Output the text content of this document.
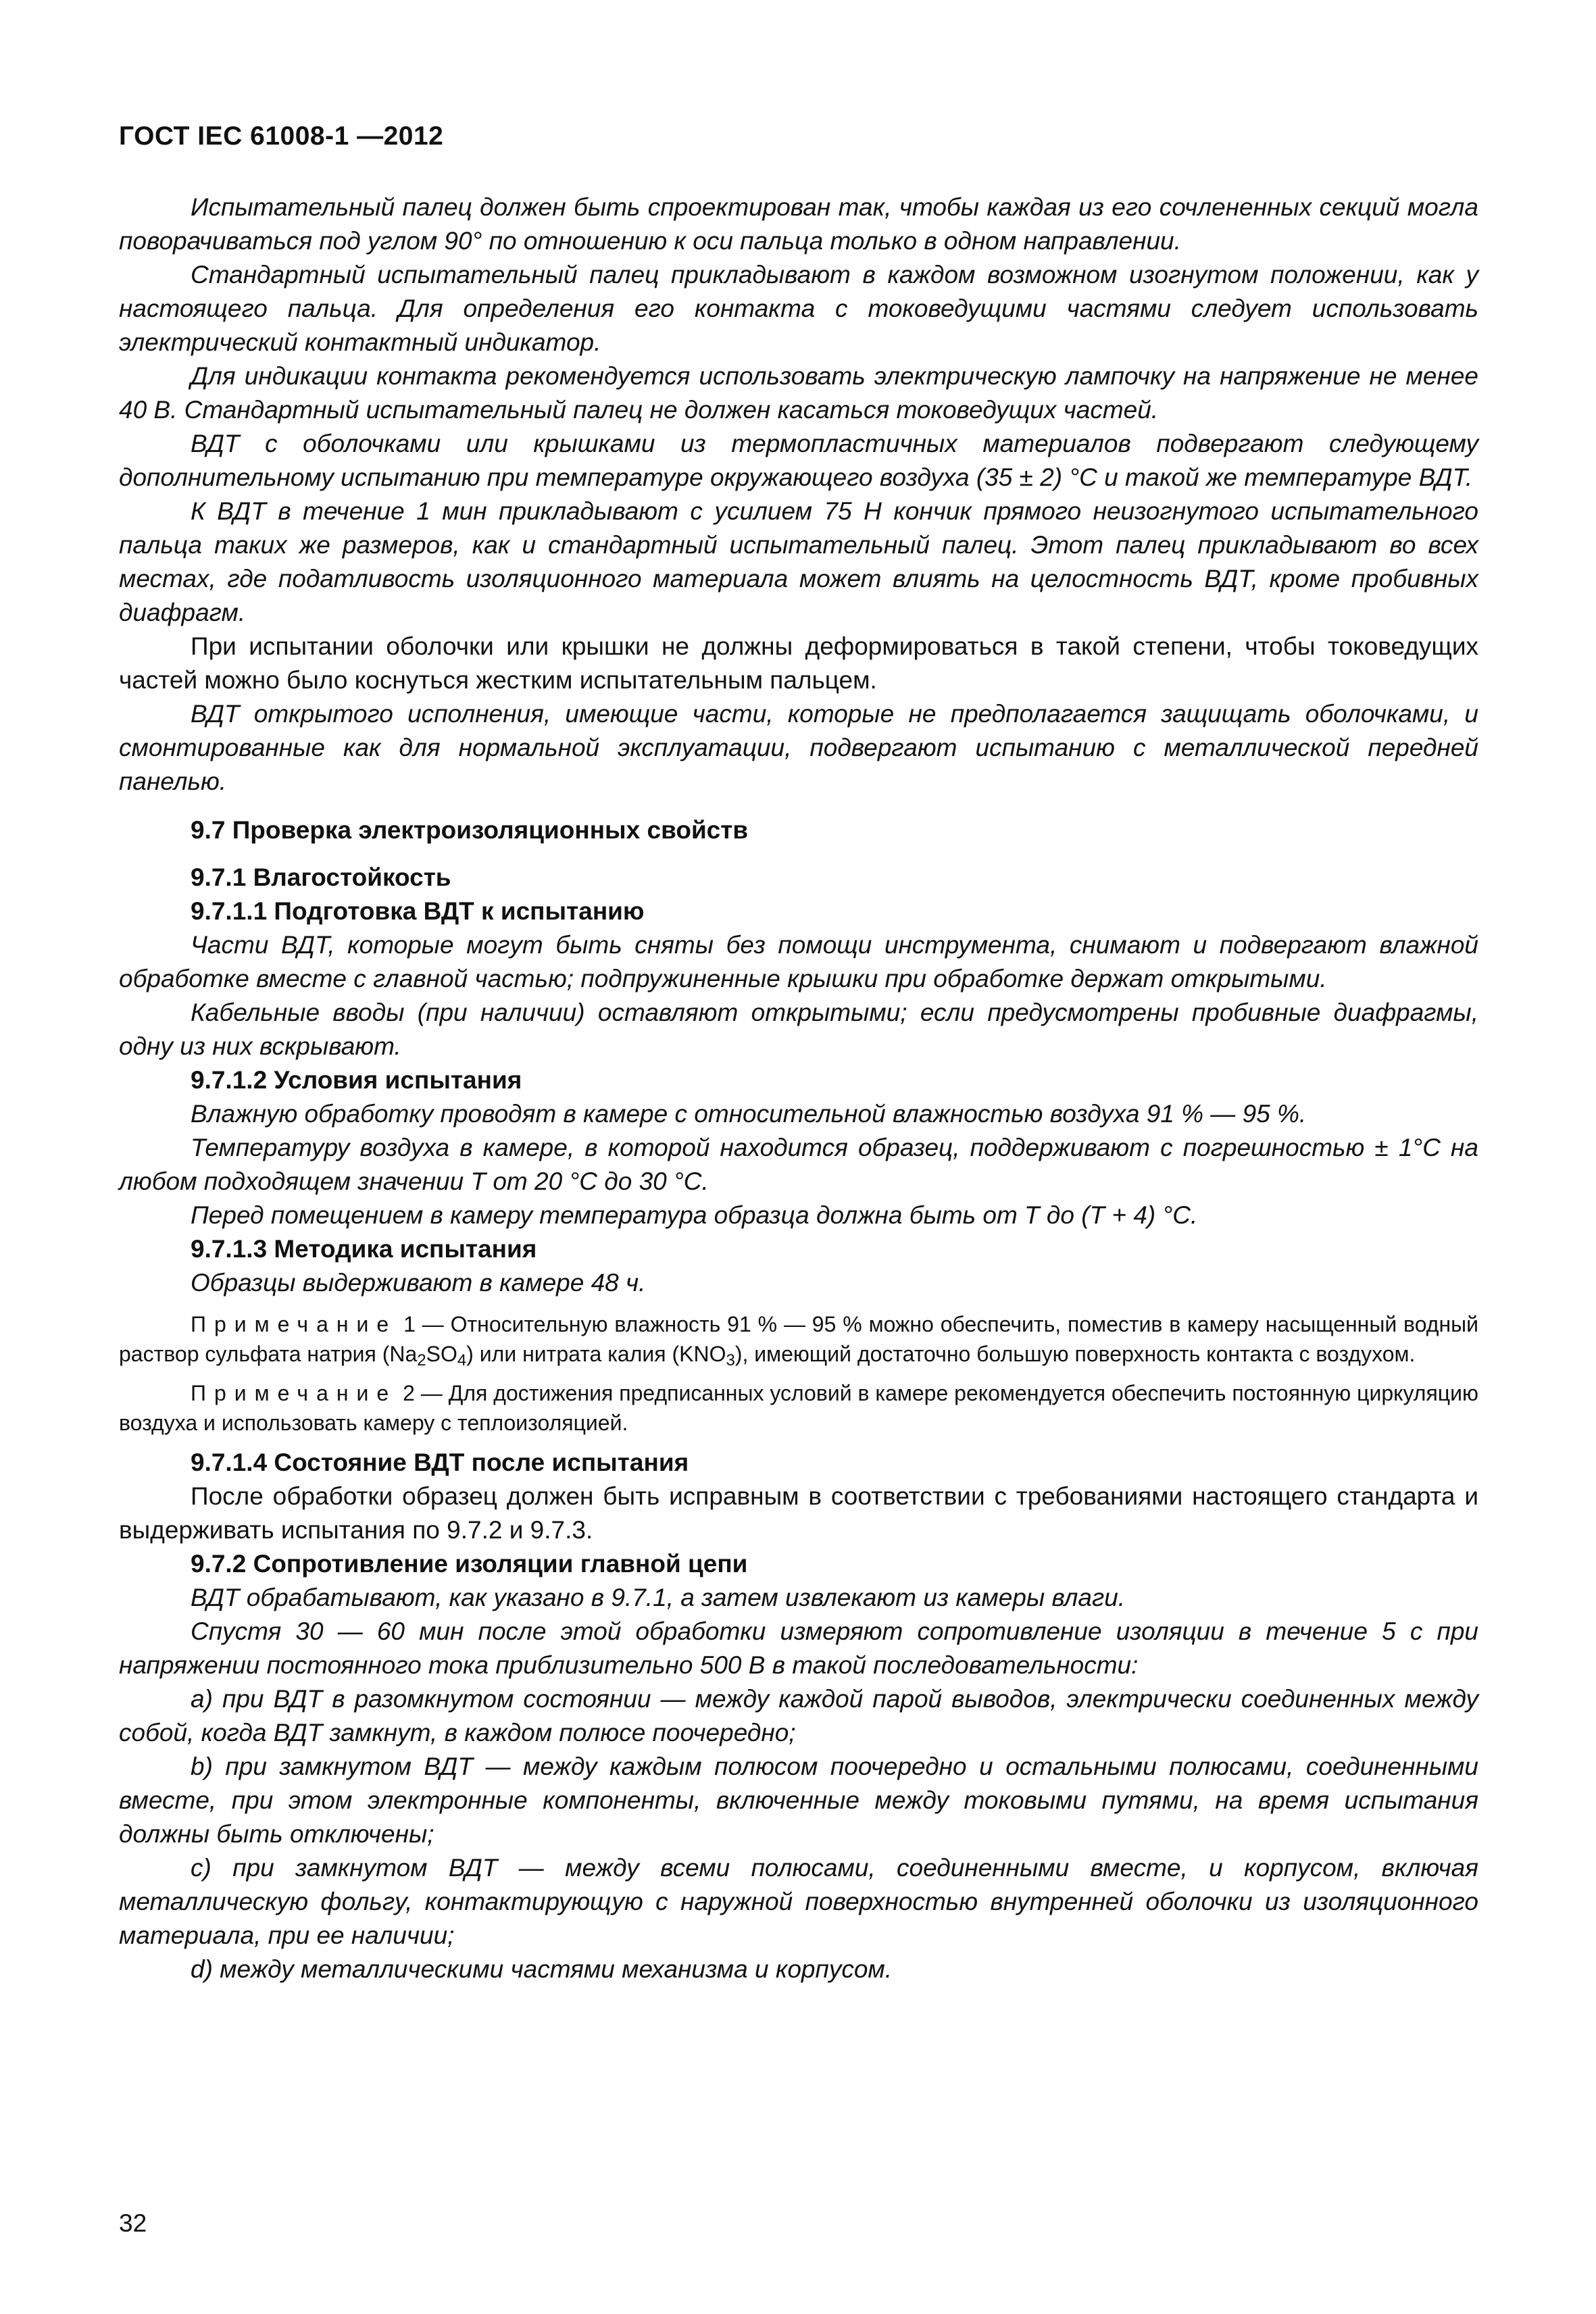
ГОСТ IEC 61008-1 —2012

Испытательный палец должен быть спроектирован так, чтобы каждая из его сочлененных секций могла поворачиваться под углом 90° по отношению к оси пальца только в одном направлении.

Стандартный испытательный палец прикладывают в каждом возможном изогнутом положении, как у настоящего пальца. Для определения его контакта с токоведущими частями следует использовать электрический контактный индикатор.

Для индикации контакта рекомендуется использовать электрическую лампочку на напряжение не менее 40 В. Стандартный испытательный палец не должен касаться токоведущих частей.

ВДТ с оболочками или крышками из термопластичных материалов подвергают следующему дополнительному испытанию при температуре окружающего воздуха (35 ± 2) °С и такой же температуре ВДТ.

К ВДТ в течение 1 мин прикладывают с усилием 75 Н кончик прямого неизогнутого испытательного пальца таких же размеров, как и стандартный испытательный палец. Этот палец прикладывают во всех местах, где податливость изоляционного материала может влиять на целостность ВДТ, кроме пробивных диафрагм.

При испытании оболочки или крышки не должны деформироваться в такой степени, чтобы токоведущих частей можно было коснуться жестким испытательным пальцем.

ВДТ открытого исполнения, имеющие части, которые не предполагается защищать оболочками, и смонтированные как для нормальной эксплуатации, подвергают испытанию с металлической передней панелью.

9.7 Проверка электроизоляционных свойств
9.7.1 Влагостойкость
9.7.1.1 Подготовка ВДТ к испытанию

Части ВДТ, которые могут быть сняты без помощи инструмента, снимают и подвергают влажной обработке вместе с главной частью; подпружиненные крышки при обработке держат открытыми.

Кабельные вводы (при наличии) оставляют открытыми; если предусмотрены пробивные диафрагмы, одну из них вскрывают.

9.7.1.2 Условия испытания

Влажную обработку проводят в камере с относительной влажностью воздуха 91 % — 95 %.

Температуру воздуха в камере, в которой находится образец, поддерживают с погрешностью ± 1°С на любом подходящем значении Т от 20 °С до 30 °С.

Перед помещением в камеру температура образца должна быть от Т до (Т + 4) °С.

9.7.1.3 Методика испытания

Образцы выдерживают в камере 48 ч.

Примечание 1 — Относительную влажность 91 % — 95 % можно обеспечить, поместив в камеру насыщенный водный раствор сульфата натрия $(Na_2SO_4)$ или нитрата калия $(KNO_3)$, имеющий достаточно большую поверхность контакта с воздухом.

Примечание 2 — Для достижения предписанных условий в камере рекомендуется обеспечить постоянную циркуляцию воздуха и использовать камеру с теплоизоляцией.

9.7.1.4 Состояние ВДТ после испытания

После обработки образец должен быть исправным в соответствии с требованиями настоящего стандарта и выдерживать испытания по 9.7.2 и 9.7.3.

9.7.2 Сопротивление изоляции главной цепи

ВДТ обрабатывают, как указано в 9.7.1, а затем извлекают из камеры влаги.

Спустя 30 — 60 мин после этой обработки измеряют сопротивление изоляции в течение 5 с при напряжении постоянного тока приблизительно 500 В в такой последовательности:

а) при ВДТ в разомкнутом состоянии — между каждой парой выводов, электрически соединенных между собой, когда ВДТ замкнут, в каждом полюсе поочередно;

b) при замкнутом ВДТ — между каждым полюсом поочередно и остальными полюсами, соединенными вместе, при этом электронные компоненты, включенные между токовыми путями, на время испытания должны быть отключены;

с) при замкнутом ВДТ — между всеми полюсами, соединенными вместе, и корпусом, включая металлическую фольгу, контактирующую с наружной поверхностью внутренней оболочки из изоляционного материала, при ее наличии;

d) между металлическими частями механизма и корпусом.

32
